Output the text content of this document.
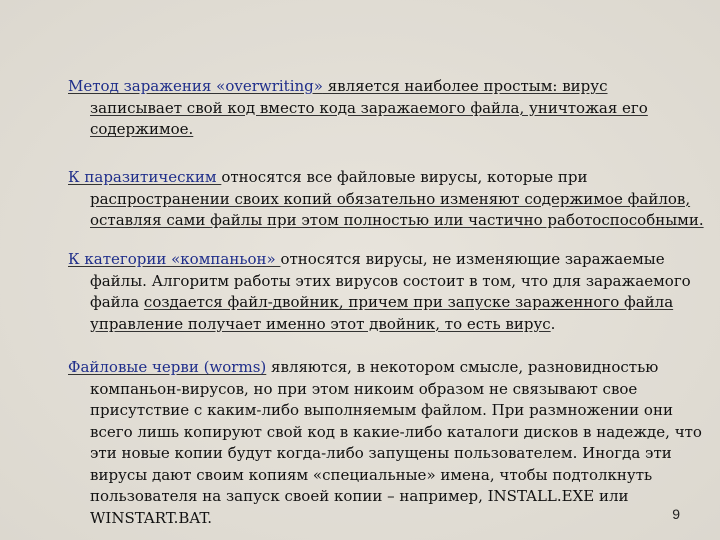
Метод заражения «overwriting» является наиболее простым: вирус
записывает свой код вместо кода заражаемого файла, уничтожая его
содержимое.
К паразитическим относятся все файловые вирусы, которые при
распространении своих копий обязательно изменяют содержимое файлов,
оставляя сами файлы при этом полностью или частично работоспособными.
К категории «компаньон» относятся вирусы, не изменяющие заражаемые
файлы. Алгоритм работы этих вирусов состоит в том, что для заражаемого
файла создается файл-двойник, причем при запуске зараженного файла
управление получает именно этот двойник, то есть вирус.
Файловые черви (worms) являются, в некотором смысле, разновидностью
компаньон-вирусов, но при этом никоим образом не связывают свое
присутствие с каким-либо выполняемым файлом. При размножении они
всего лишь копируют свой код в какие-либо каталоги дисков в надежде, что
эти новые копии будут когда-либо запущены пользователем. Иногда эти
вирусы дают своим копиям «специальные» имена, чтобы подтолкнуть
пользователя на запуск своей копии – например, INSTALL.EXE или
WINSTART.BAT.	9
